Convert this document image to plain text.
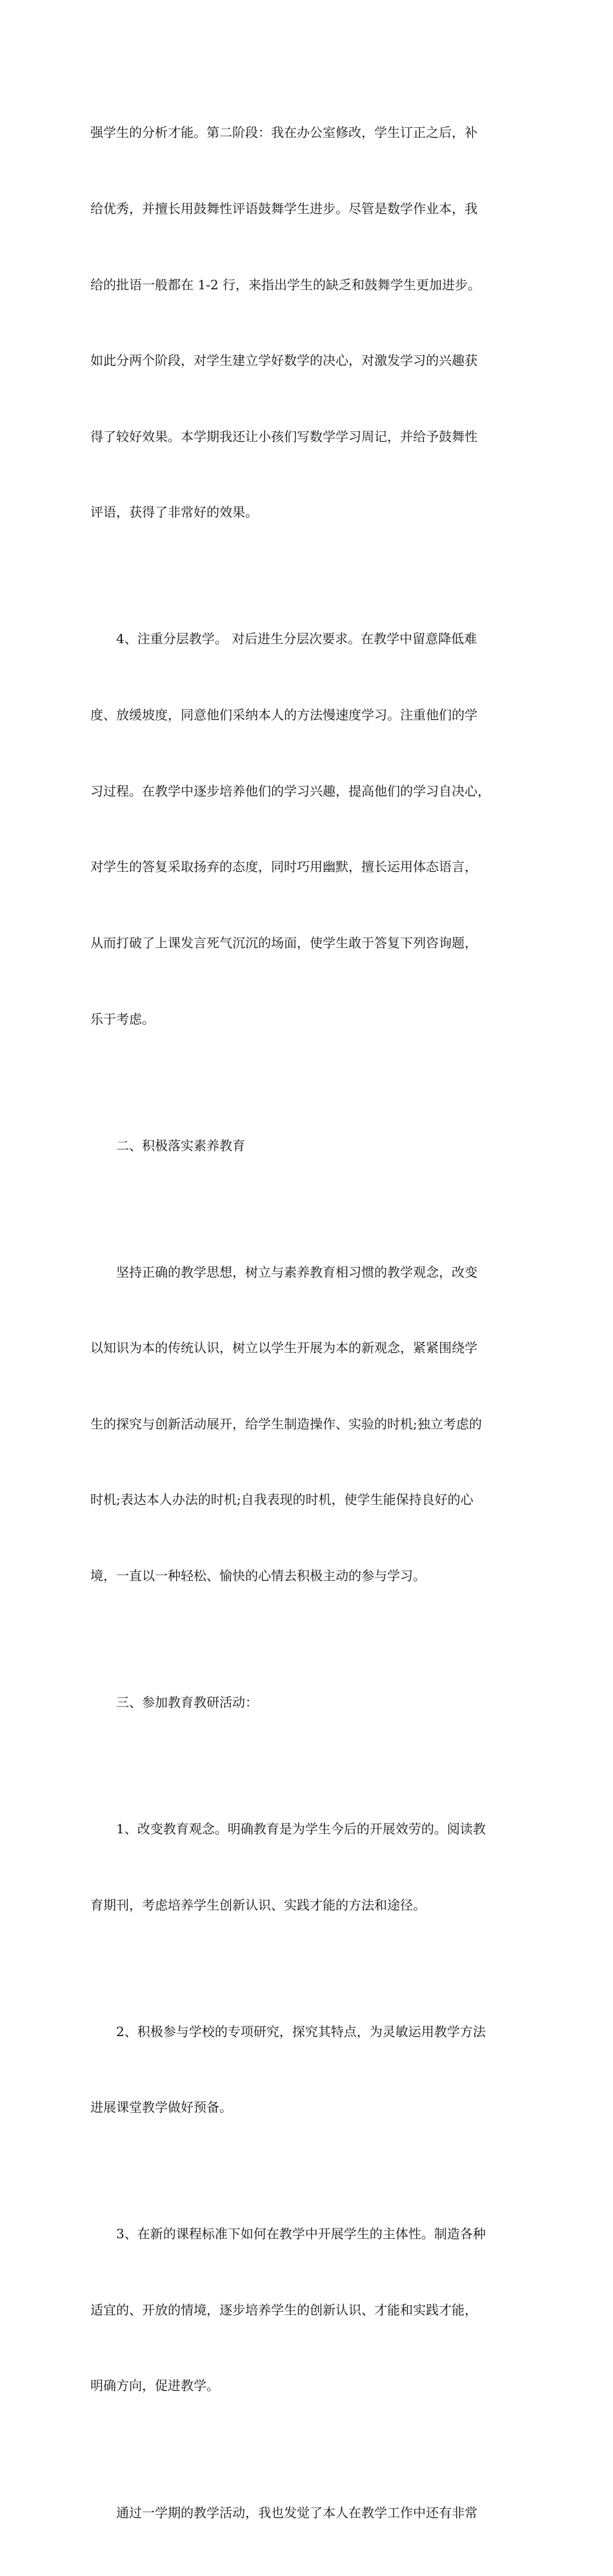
强学生的分析才能。第二阶段：我在办公室修改，学生订正之后，补

给优秀，并擅长用鼓舞性评语鼓舞学生进步。尽管是数学作业本，我

给的批语一般都在 1-2 行，来指出学生的缺乏和鼓舞学生更加进步。

如此分两个阶段，对学生建立学好数学的决心，对激发学习的兴趣获

得了较好效果。本学期我还让小孩们写数学学习周记，并给予鼓舞性

评语，获得了非常好的效果。

4、注重分层教学。 对后进生分层次要求。在教学中留意降低难

度、放缓坡度，同意他们采纳本人的方法慢速度学习。注重他们的学

习过程。在教学中逐步培养他们的学习兴趣，提高他们的学习自决心，

对学生的答复采取扬弃的态度，同时巧用幽默，擅长运用体态语言，

从而打破了上课发言死气沉沉的场面，使学生敢于答复下列咨询题，

乐于考虑。

二、积极落实素养教育

坚持正确的教学思想，树立与素养教育相习惯的教学观念，改变

以知识为本的传统认识，树立以学生开展为本的新观念，紧紧围绕学

生的探究与创新活动展开，给学生制造操作、实验的时机;独立考虑的

时机;表达本人办法的时机;自我表现的时机，使学生能保持良好的心

境，一直以一种轻松、愉快的心情去积极主动的参与学习。

三、参加教育教研活动：

1、改变教育观念。明确教育是为学生今后的开展效劳的。阅读教

育期刊，考虑培养学生创新认识、实践才能的方法和途径。

2、积极参与学校的专项研究，探究其特点，为灵敏运用教学方法

进展课堂教学做好预备。

3、在新的课程标准下如何在教学中开展学生的主体性。制造各种

适宜的、开放的情境，逐步培养学生的创新认识、才能和实践才能，

明确方向，促进教学。

通过一学期的教学活动，我也发觉了本人在教学工作中还有非常
